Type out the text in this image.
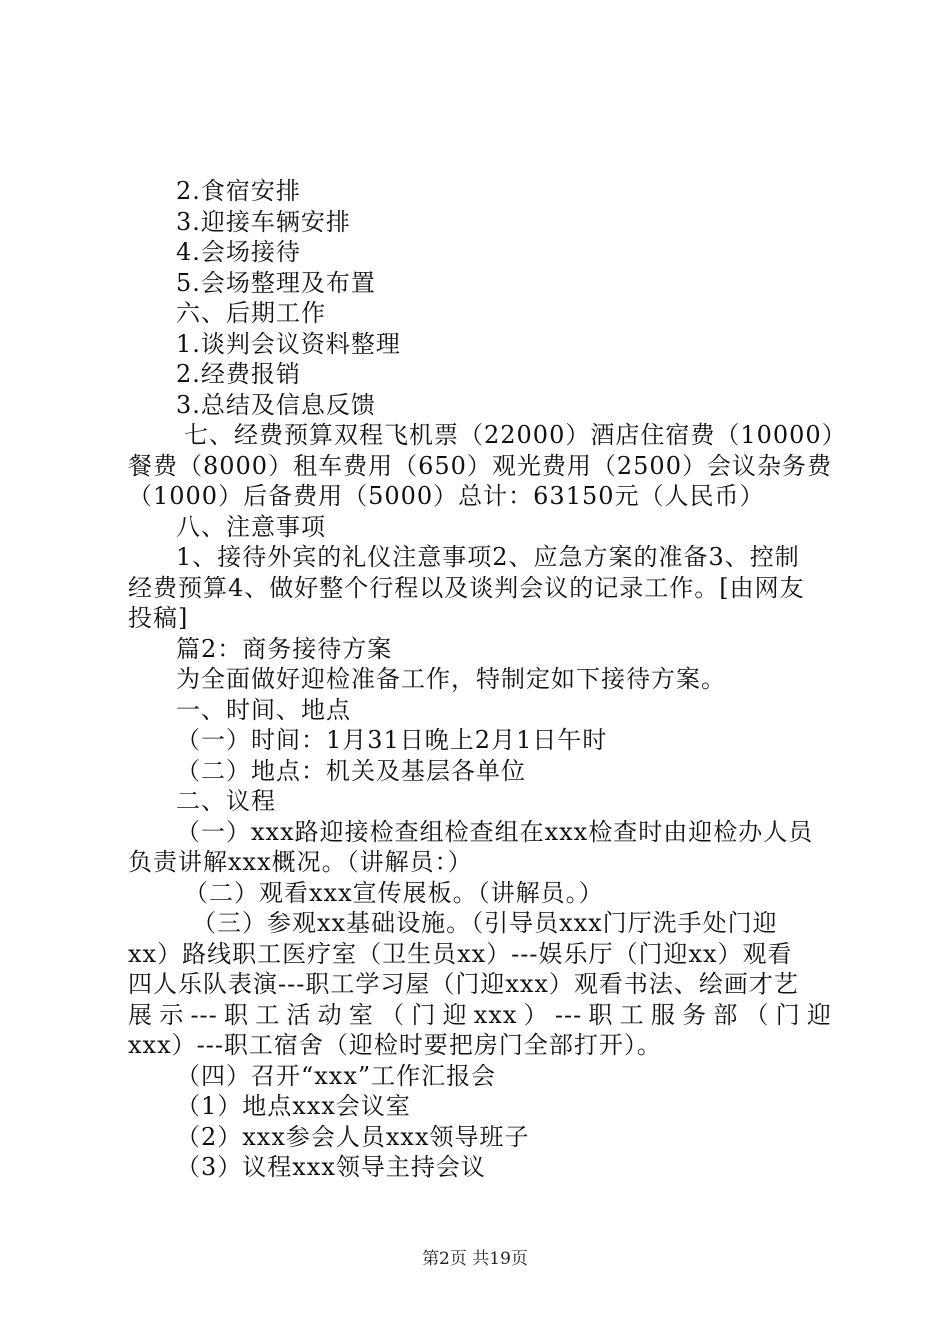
2.食宿安排
3.迎接车辆安排
4.会场接待
5.会场整理及布置
六、后期工作
1.谈判会议资料整理
2.经费报销
3.总结及信息反馈
七、经费预算双程飞机票（22000）酒店住宿费（10000）
餐费（8000）租车费用（650）观光费用（2500）会议杂务费
（1000）后备费用（5000）总计：63150元（人民币）
八、注意事项
1、接待外宾的礼仪注意事项2、应急方案的准备3、控制
经费预算4、做好整个行程以及谈判会议的记录工作。[由网友
投稿]
篇2：商务接待方案
为全面做好迎检准备工作，特制定如下接待方案。
一、时间、地点
（一）时间：1月31日晚上2月1日午时
（二）地点：机关及基层各单位
二、议程
（一）xxx路迎接检查组检查组在xxx检查时由迎检办人员
负责讲解xxx概况。（讲解员：）
（二）观看xxx宣传展板。（讲解员。）
（三）参观xx基础设施。（引导员xxx门厅洗手处门迎
xx）路线职工医疗室（卫生员xx）---娱乐厅（门迎xx）观看
四人乐队表演---职工学习屋（门迎xxx）观看书法、绘画才艺
展示---职工活动室（门迎xxx）---职工服务部（门迎
xxx）---职工宿舍（迎检时要把房门全部打开）。
（四）召开“xxx”工作汇报会
（1）地点xxx会议室
（2）xxx参会人员xxx领导班子
（3）议程xxx领导主持会议
第2页 共19页
